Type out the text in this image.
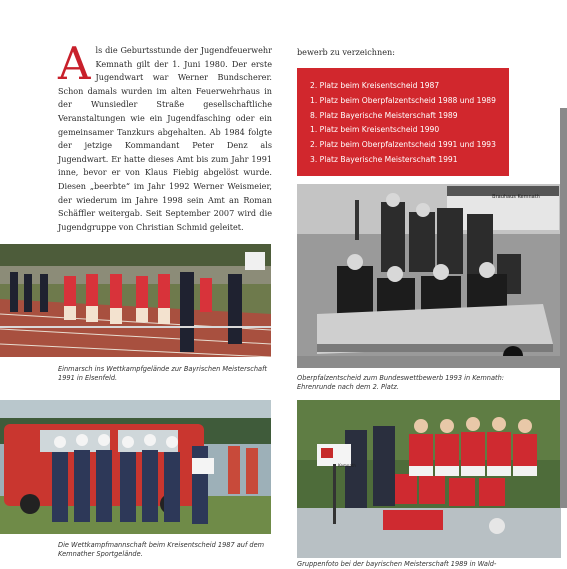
Als die Geburtsstunde der Jugendfeuerwehr Kemnath gilt der 1. Juni 1980. Der erste Jugendwart war Werner Bundscherer. Schon damals wurden im alten Feuerwehrhaus in der Wunsiedler Straße gesellschaftliche Veranstaltungen wie ein Jugendfasching oder ein gemeinsamer Tanzkurs abgehalten. Ab 1984 folgte der jetzige Kommandant Peter Denz als Jugendwart. Er hatte dieses Amt bis zum Jahr 1991 inne, bevor er von Klaus Fiebig abgelöst wurde. Diesen „beerbte“ im Jahr 1992 Werner Weismeier, der wiederum im Jahre 1998 sein Amt an Roman Schäffler weitergab. Seit September 2007 wird die Jugendgruppe von Christian Schmid geleitet.
bewerb zu verzeichnen:
2. Platz beim Kreisentscheid 1987
1. Platz beim Oberpfalzentscheid 1988 und 1989
8. Platz Bayerische Meisterschaft 1989
1. Platz beim Kreisentscheid 1990
2. Platz beim Oberpfalzentscheid 1991 und 1993
3. Platz Bayerische Meisterschaft 1991
Einmarsch ins Wettkampfgelände zur Bayrischen Meisterschaft 1991 in Elsenfeld.
Die Wettkampfmannschaft beim Kreisentscheid 1987 auf dem Kemnather Sportgelände.
Brauhaus Kemnath
Oberpfalzentscheid zum Bundeswettbewerb 1993 in Kemnath: Ehrenrunde nach dem 2. Platz.
Kemnath
Gruppenfoto bei der bayrischen Meisterschaft 1989 in Wald-
